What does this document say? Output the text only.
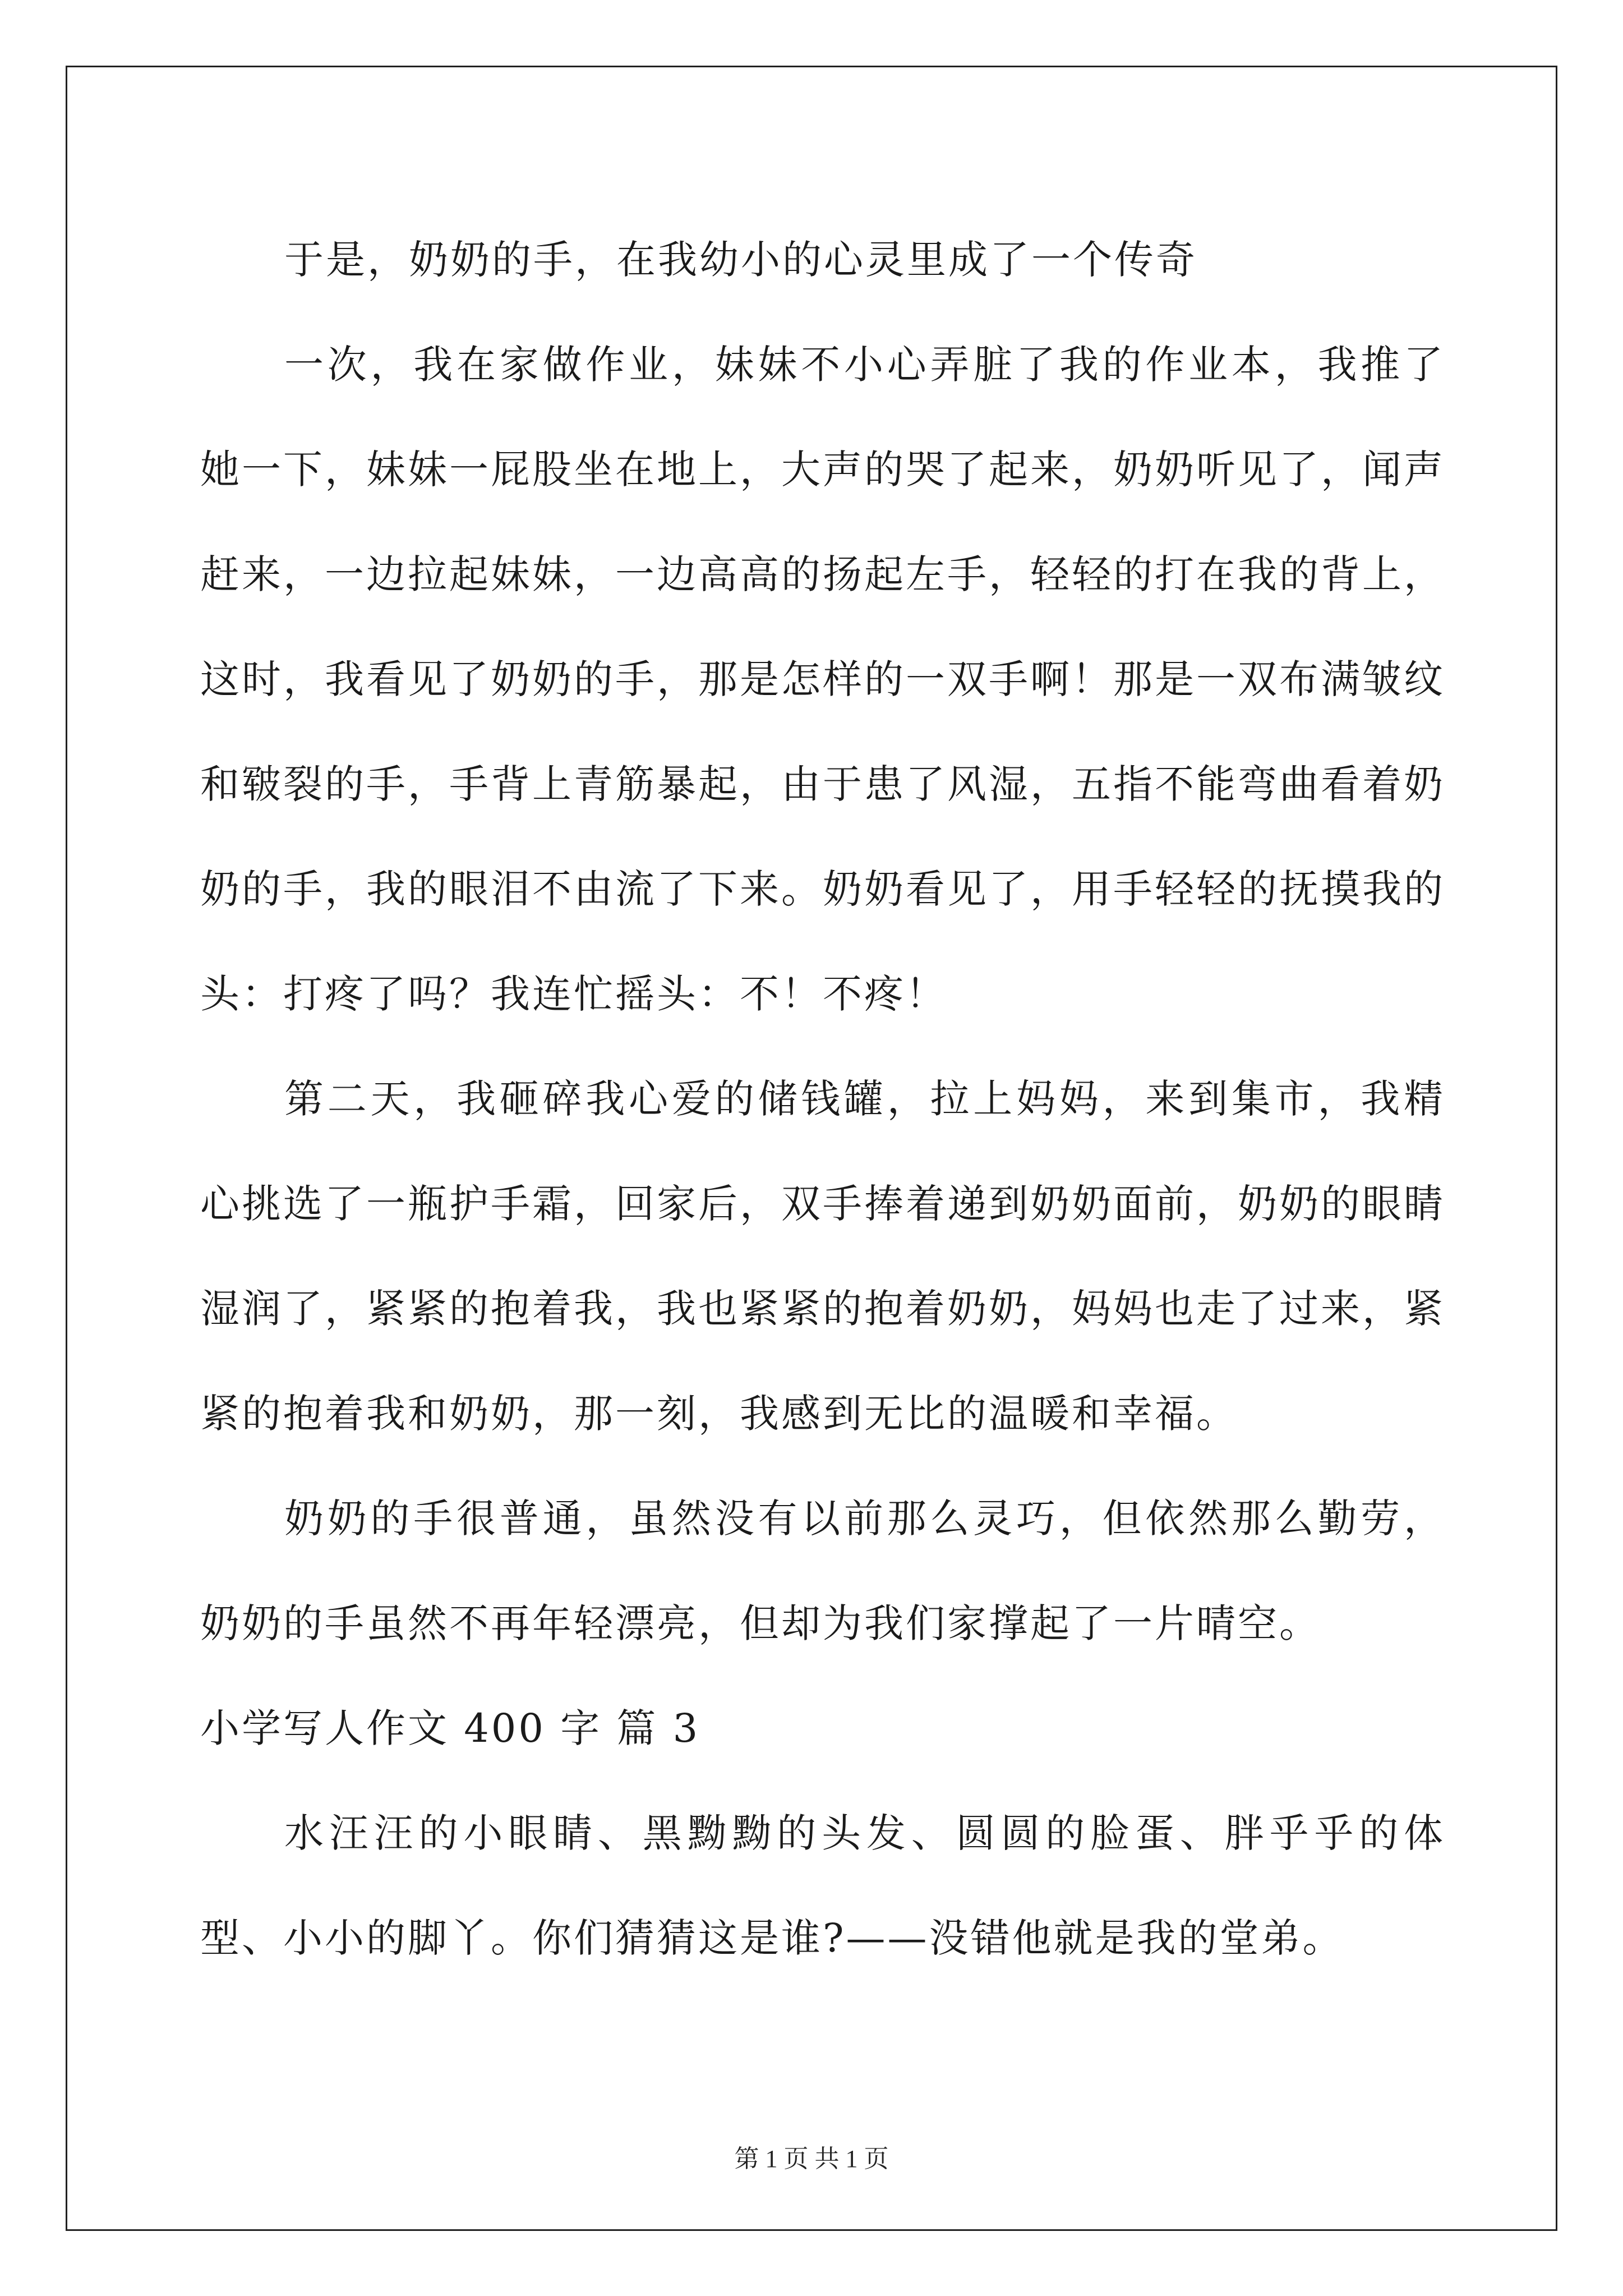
于是，奶奶的手，在我幼小的心灵里成了一个传奇

一次，我在家做作业，妹妹不小心弄脏了我的作业本，我推了她一下，妹妹一屁股坐在地上，大声的哭了起来，奶奶听见了，闻声赶来，一边拉起妹妹，一边高高的扬起左手，轻轻的打在我的背上，这时，我看见了奶奶的手，那是怎样的一双手啊！那是一双布满皱纹和皲裂的手，手背上青筋暴起，由于患了风湿，五指不能弯曲看着奶奶的手，我的眼泪不由流了下来。奶奶看见了，用手轻轻的抚摸我的头：打疼了吗？我连忙摇头：不！不疼！

第二天，我砸碎我心爱的储钱罐，拉上妈妈，来到集市，我精心挑选了一瓶护手霜，回家后，双手捧着递到奶奶面前，奶奶的眼睛湿润了，紧紧的抱着我，我也紧紧的抱着奶奶，妈妈也走了过来，紧紧的抱着我和奶奶，那一刻，我感到无比的温暖和幸福。

奶奶的手很普通，虽然没有以前那么灵巧，但依然那么勤劳，奶奶的手虽然不再年轻漂亮，但却为我们家撑起了一片晴空。

小学写人作文 400 字 篇 3

水汪汪的小眼睛、黑黝黝的头发、圆圆的脸蛋、胖乎乎的体型、小小的脚丫。你们猜猜这是谁?——没错他就是我的堂弟。

第 1 页 共 1 页
